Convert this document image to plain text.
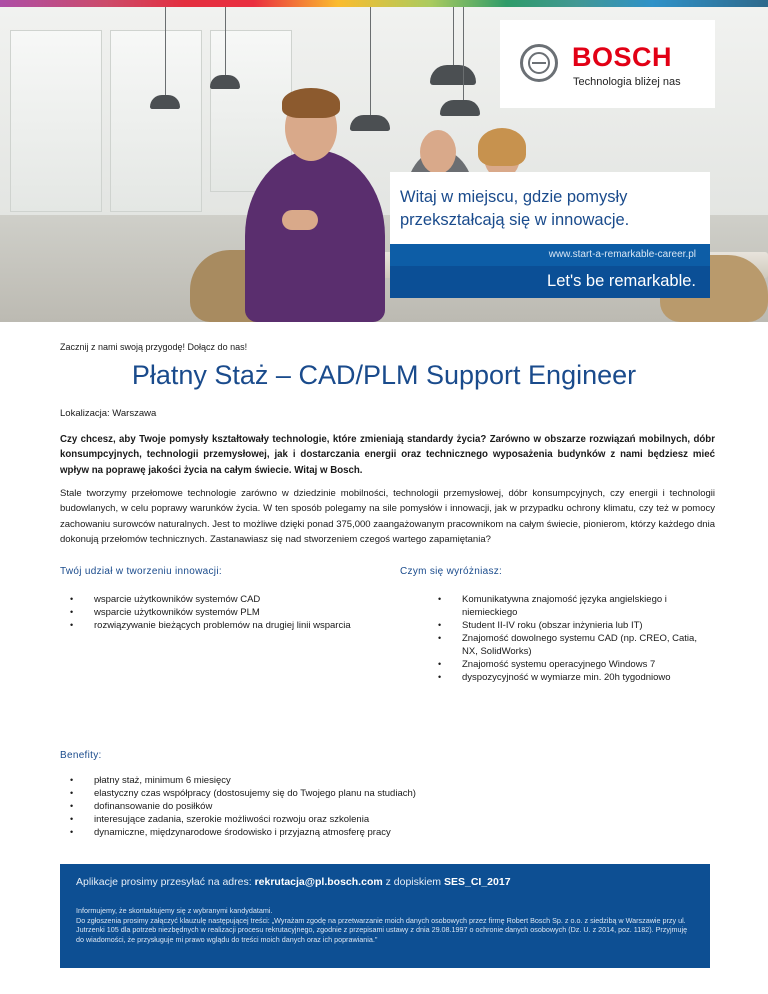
BOSCH
Technologia bliżej nas
Witaj w miejscu, gdzie pomysły przekształcają się w innowacje.
www.start-a-remarkable-career.pl
Let's be remarkable.
Zacznij z nami swoją przygodę! Dołącz do nas!
Płatny Staż – CAD/PLM Support Engineer
Lokalizacja: Warszawa
Czy chcesz, aby Twoje pomysły kształtowały technologie, które zmieniają standardy życia? Zarówno w obszarze rozwiązań mobilnych, dóbr konsumpcyjnych, technologii przemysłowej, jak i dostarczania energii oraz technicznego wyposażenia budynków z nami będziesz mieć wpływ na poprawę jakości życia na całym świecie. Witaj w Bosch.
Stale tworzymy przełomowe technologie zarówno w dziedzinie mobilności, technologii przemysłowej, dóbr konsumpcyjnych, czy energii i technologii budowlanych, w celu poprawy warunków życia. W ten sposób polegamy na sile pomysłów i innowacji, jak w przypadku ochrony klimatu, czy też w pomocy zachowaniu surowców naturalnych. Jest to możliwe dzięki ponad 375,000 zaangażowanym pracownikom na całym świecie, pionierom, którzy każdego dnia dokonują przełomów technicznych. Zastanawiasz się nad stworzeniem czegoś wartego zapamiętania?
Twój udział w tworzeniu innowacji:
• wsparcie użytkowników systemów CAD
• wsparcie użytkowników systemów PLM
• rozwiązywanie bieżących problemów na drugiej linii wsparcia
Czym się wyróżniasz:
• Komunikatywna znajomość języka angielskiego i niemieckiego
• Student II-IV roku (obszar inżynieria lub IT)
• Znajomość dowolnego systemu CAD (np. CREO, Catia, NX, SolidWorks)
• Znajomość systemu operacyjnego Windows 7
• dyspozycyjność w wymiarze min. 20h tygodniowo
Benefity:
• płatny staż, minimum 6 miesięcy
• elastyczny czas współpracy (dostosujemy się do Twojego planu na studiach)
• dofinansowanie do posiłków
• interesujące zadania, szerokie możliwości rozwoju oraz szkolenia
• dynamiczne, międzynarodowe środowisko i przyjazną atmosferę pracy
Aplikacje prosimy przesyłać na adres: rekrutacja@pl.bosch.com z dopiskiem SES_CI_2017
Informujemy, że skontaktujemy się z wybranymi kandydatami.
Do zgłoszenia prosimy załączyć klauzulę następującej treści: „Wyrażam zgodę na przetwarzanie moich danych osobowych przez firmę Robert Bosch Sp. z o.o. z siedzibą w Warszawie przy ul. Jutrzenki 105 dla potrzeb niezbędnych w realizacji procesu rekrutacyjnego, zgodnie z przepisami ustawy z dnia 29.08.1997 o ochronie danych osobowych (Dz. U. z 2014, poz. 1182). Przyjmuję do wiadomości, że przysługuje mi prawo wglądu do treści moich danych oraz ich poprawiania."
